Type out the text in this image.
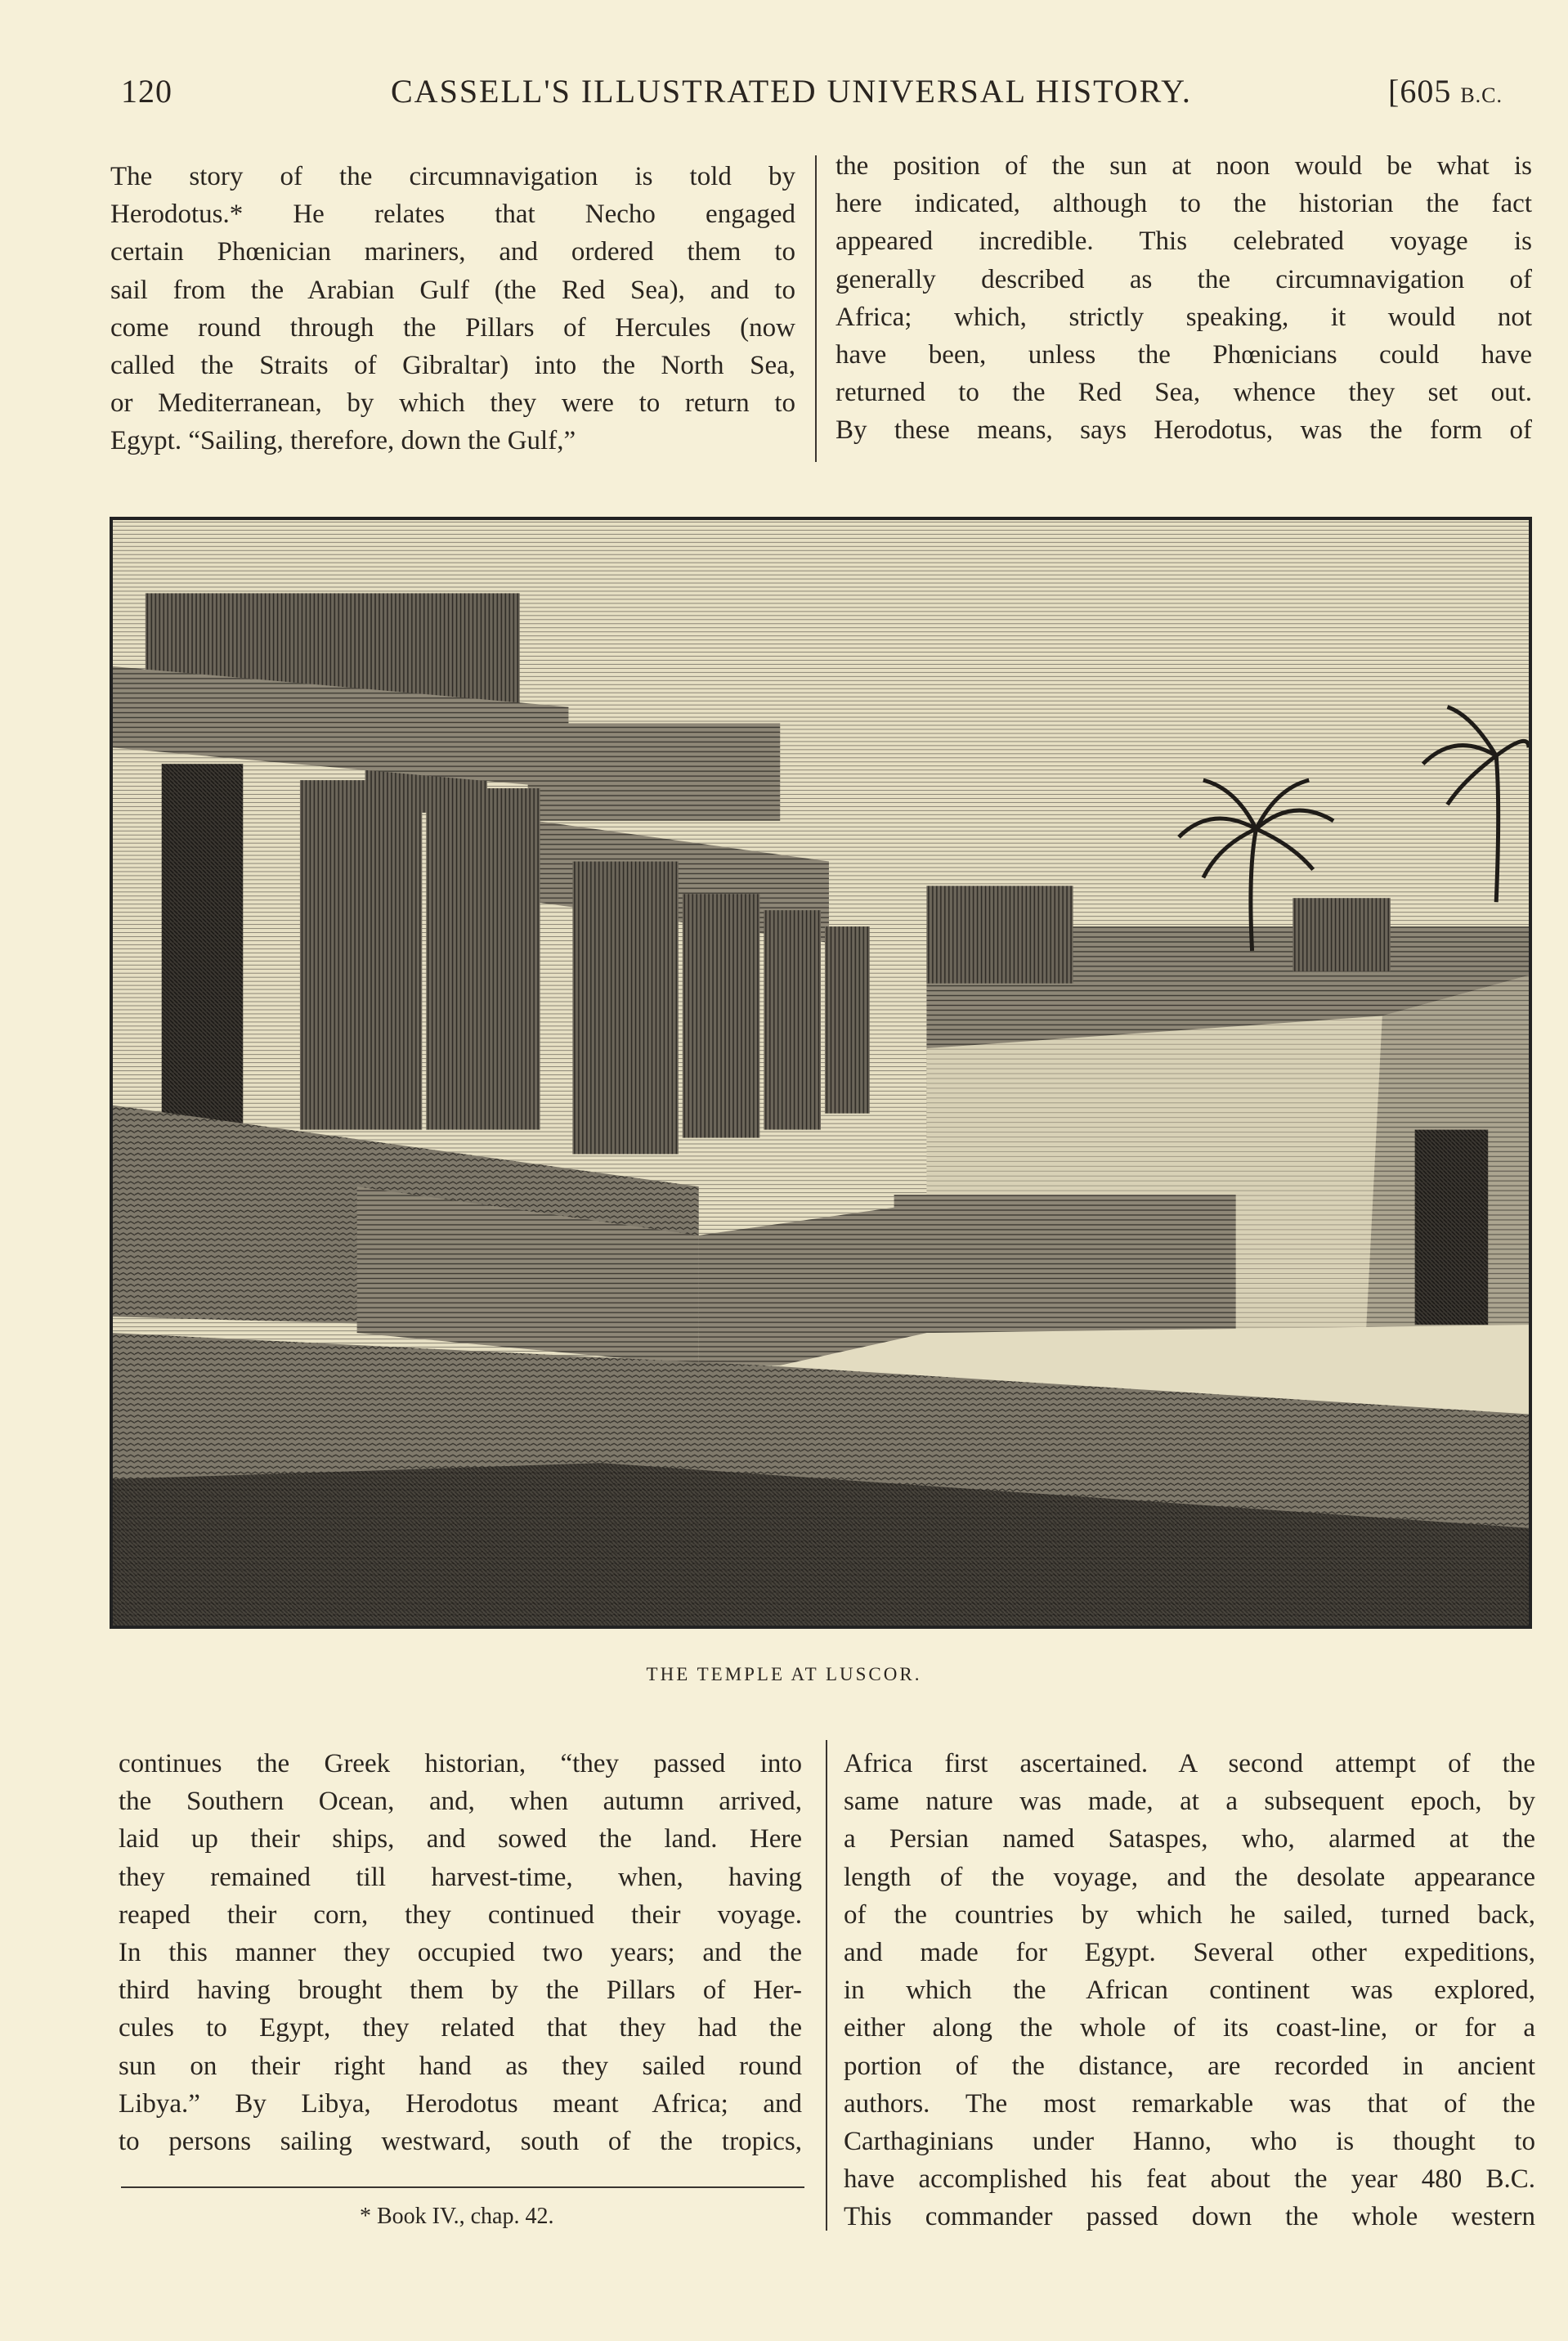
120	CASSELL'S ILLUSTRATED UNIVERSAL HISTORY.	[605 B.C.
The story of the circumnavigation is told by
Herodotus.* He relates that Necho engaged
certain Phœnician mariners, and ordered them to
sail from the Arabian Gulf (the Red Sea), and to
come round through the Pillars of Hercules (now
called the Straits of Gibraltar) into the North Sea,
or Mediterranean, by which they were to return to
Egypt. “Sailing, therefore, down the Gulf,”
the position of the sun at noon would be what is
here indicated, although to the historian the fact
appeared incredible. This celebrated voyage is
generally described as the circumnavigation of
Africa; which, strictly speaking, it would not
have been, unless the Phœnicians could have
returned to the Red Sea, whence they set out.
By these means, says Herodotus, was the form of
THE TEMPLE AT LUSCOR.
continues the Greek historian, “they passed into
the Southern Ocean, and, when autumn arrived,
laid up their ships, and sowed the land. Here
they remained till harvest-time, when, having
reaped their corn, they continued their voyage.
In this manner they occupied two years; and the
third having brought them by the Pillars of Her-
cules to Egypt, they related that they had the
sun on their right hand as they sailed round
Libya.” By Libya, Herodotus meant Africa; and
to persons sailing westward, south of the tropics,
Africa first ascertained. A second attempt of the
same nature was made, at a subsequent epoch, by
a Persian named Sataspes, who, alarmed at the
length of the voyage, and the desolate appearance
of the countries by which he sailed, turned back,
and made for Egypt. Several other expeditions,
in which the African continent was explored,
either along the whole of its coast-line, or for a
portion of the distance, are recorded in ancient
authors. The most remarkable was that of the
Carthaginians under Hanno, who is thought to
have accomplished his feat about the year 480 B.C.
This commander passed down the whole western
* Book IV., chap. 42.
